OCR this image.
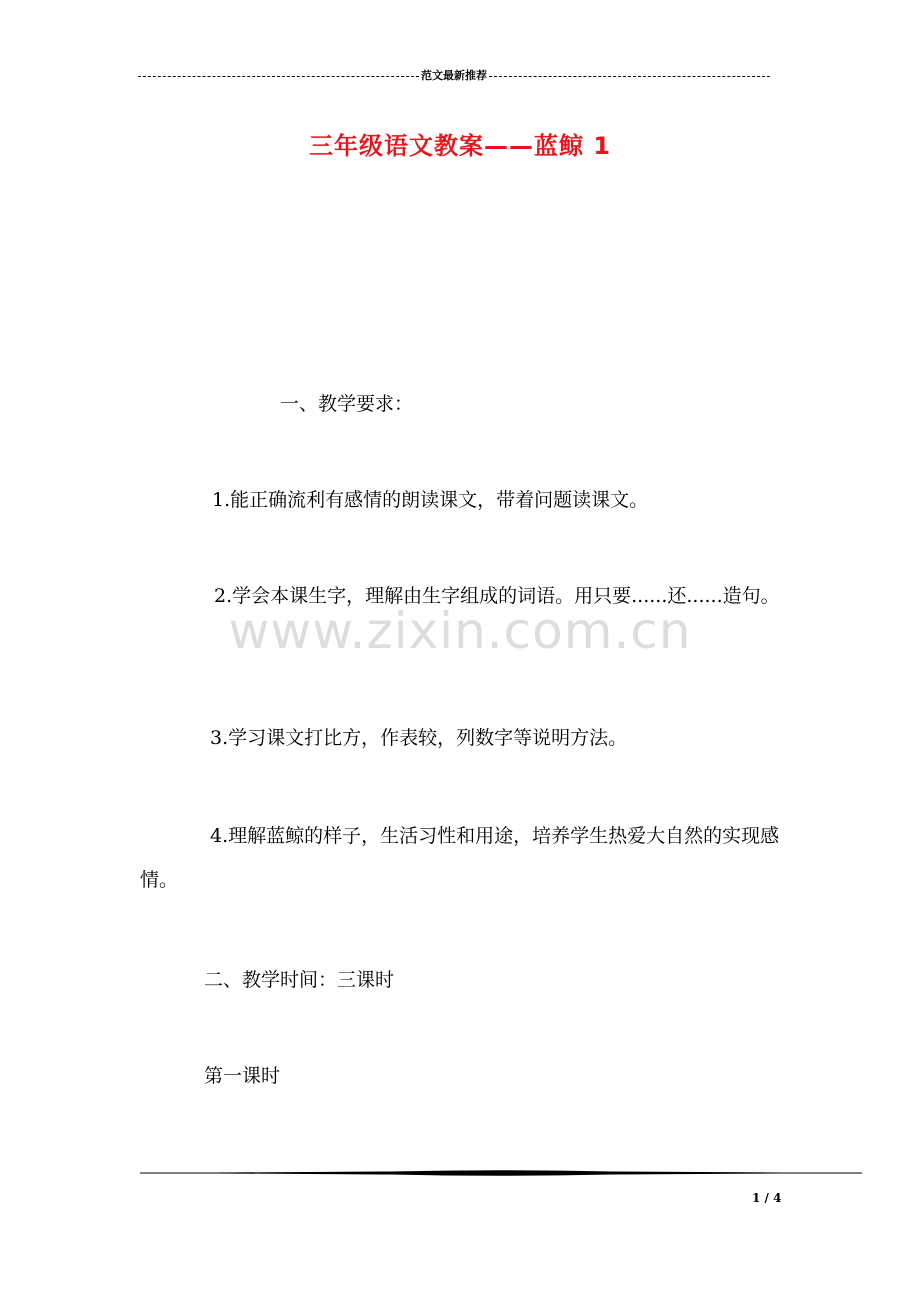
范文最新推荐
三年级语文教案——蓝鲸 1
www.zixin.com.cn
一、教学要求：
1.能正确流利有感情的朗读课文，带着问题读课文。
2.学会本课生字，理解由生字组成的词语。用只要......还......造句。
3.学习课文打比方，作表较，列数字等说明方法。
4.理解蓝鲸的样子，生活习性和用途，培养学生热爱大自然的实现感情。
二、教学时间：三课时
第一课时
1 / 4
